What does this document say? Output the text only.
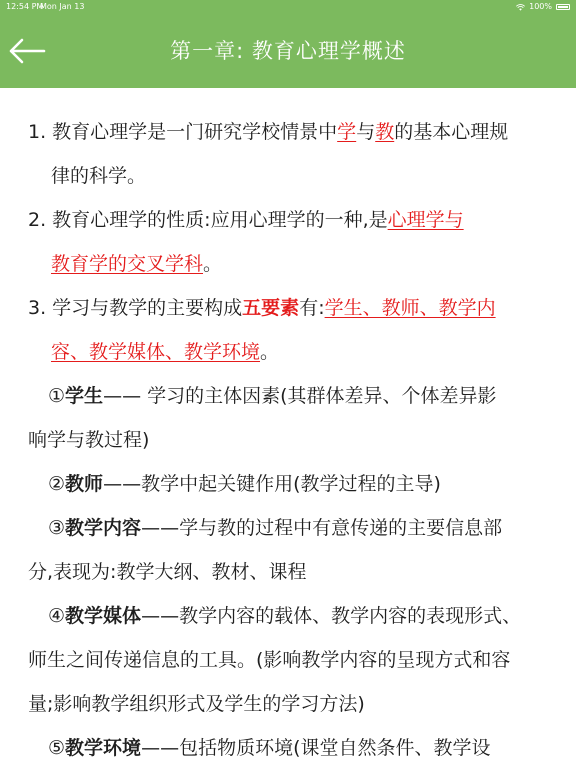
12:54 PM
Mon Jan 13	100%
第一章: 教育心理学概述
1. 教育心理学是一门研究学校情景中学与教的基本心理规
律的科学。
2. 教育心理学的性质:应用心理学的一种,是心理学与
教育学的交叉学科。
3. 学习与教学的主要构成五要素有:学生、教师、教学内
容、教学媒体、教学环境。
①学生—— 学习的主体因素(其群体差异、个体差异影
响学与教过程)
②教师——教学中起关键作用(教学过程的主导)
③教学内容——学与教的过程中有意传递的主要信息部
分,表现为:教学大纲、教材、课程
④教学媒体——教学内容的载体、教学内容的表现形式、
师生之间传递信息的工具。(影响教学内容的呈现方式和容
量;影响教学组织形式及学生的学习方法)
⑤教学环境——包括物质环境(课堂自然条件、教学设
